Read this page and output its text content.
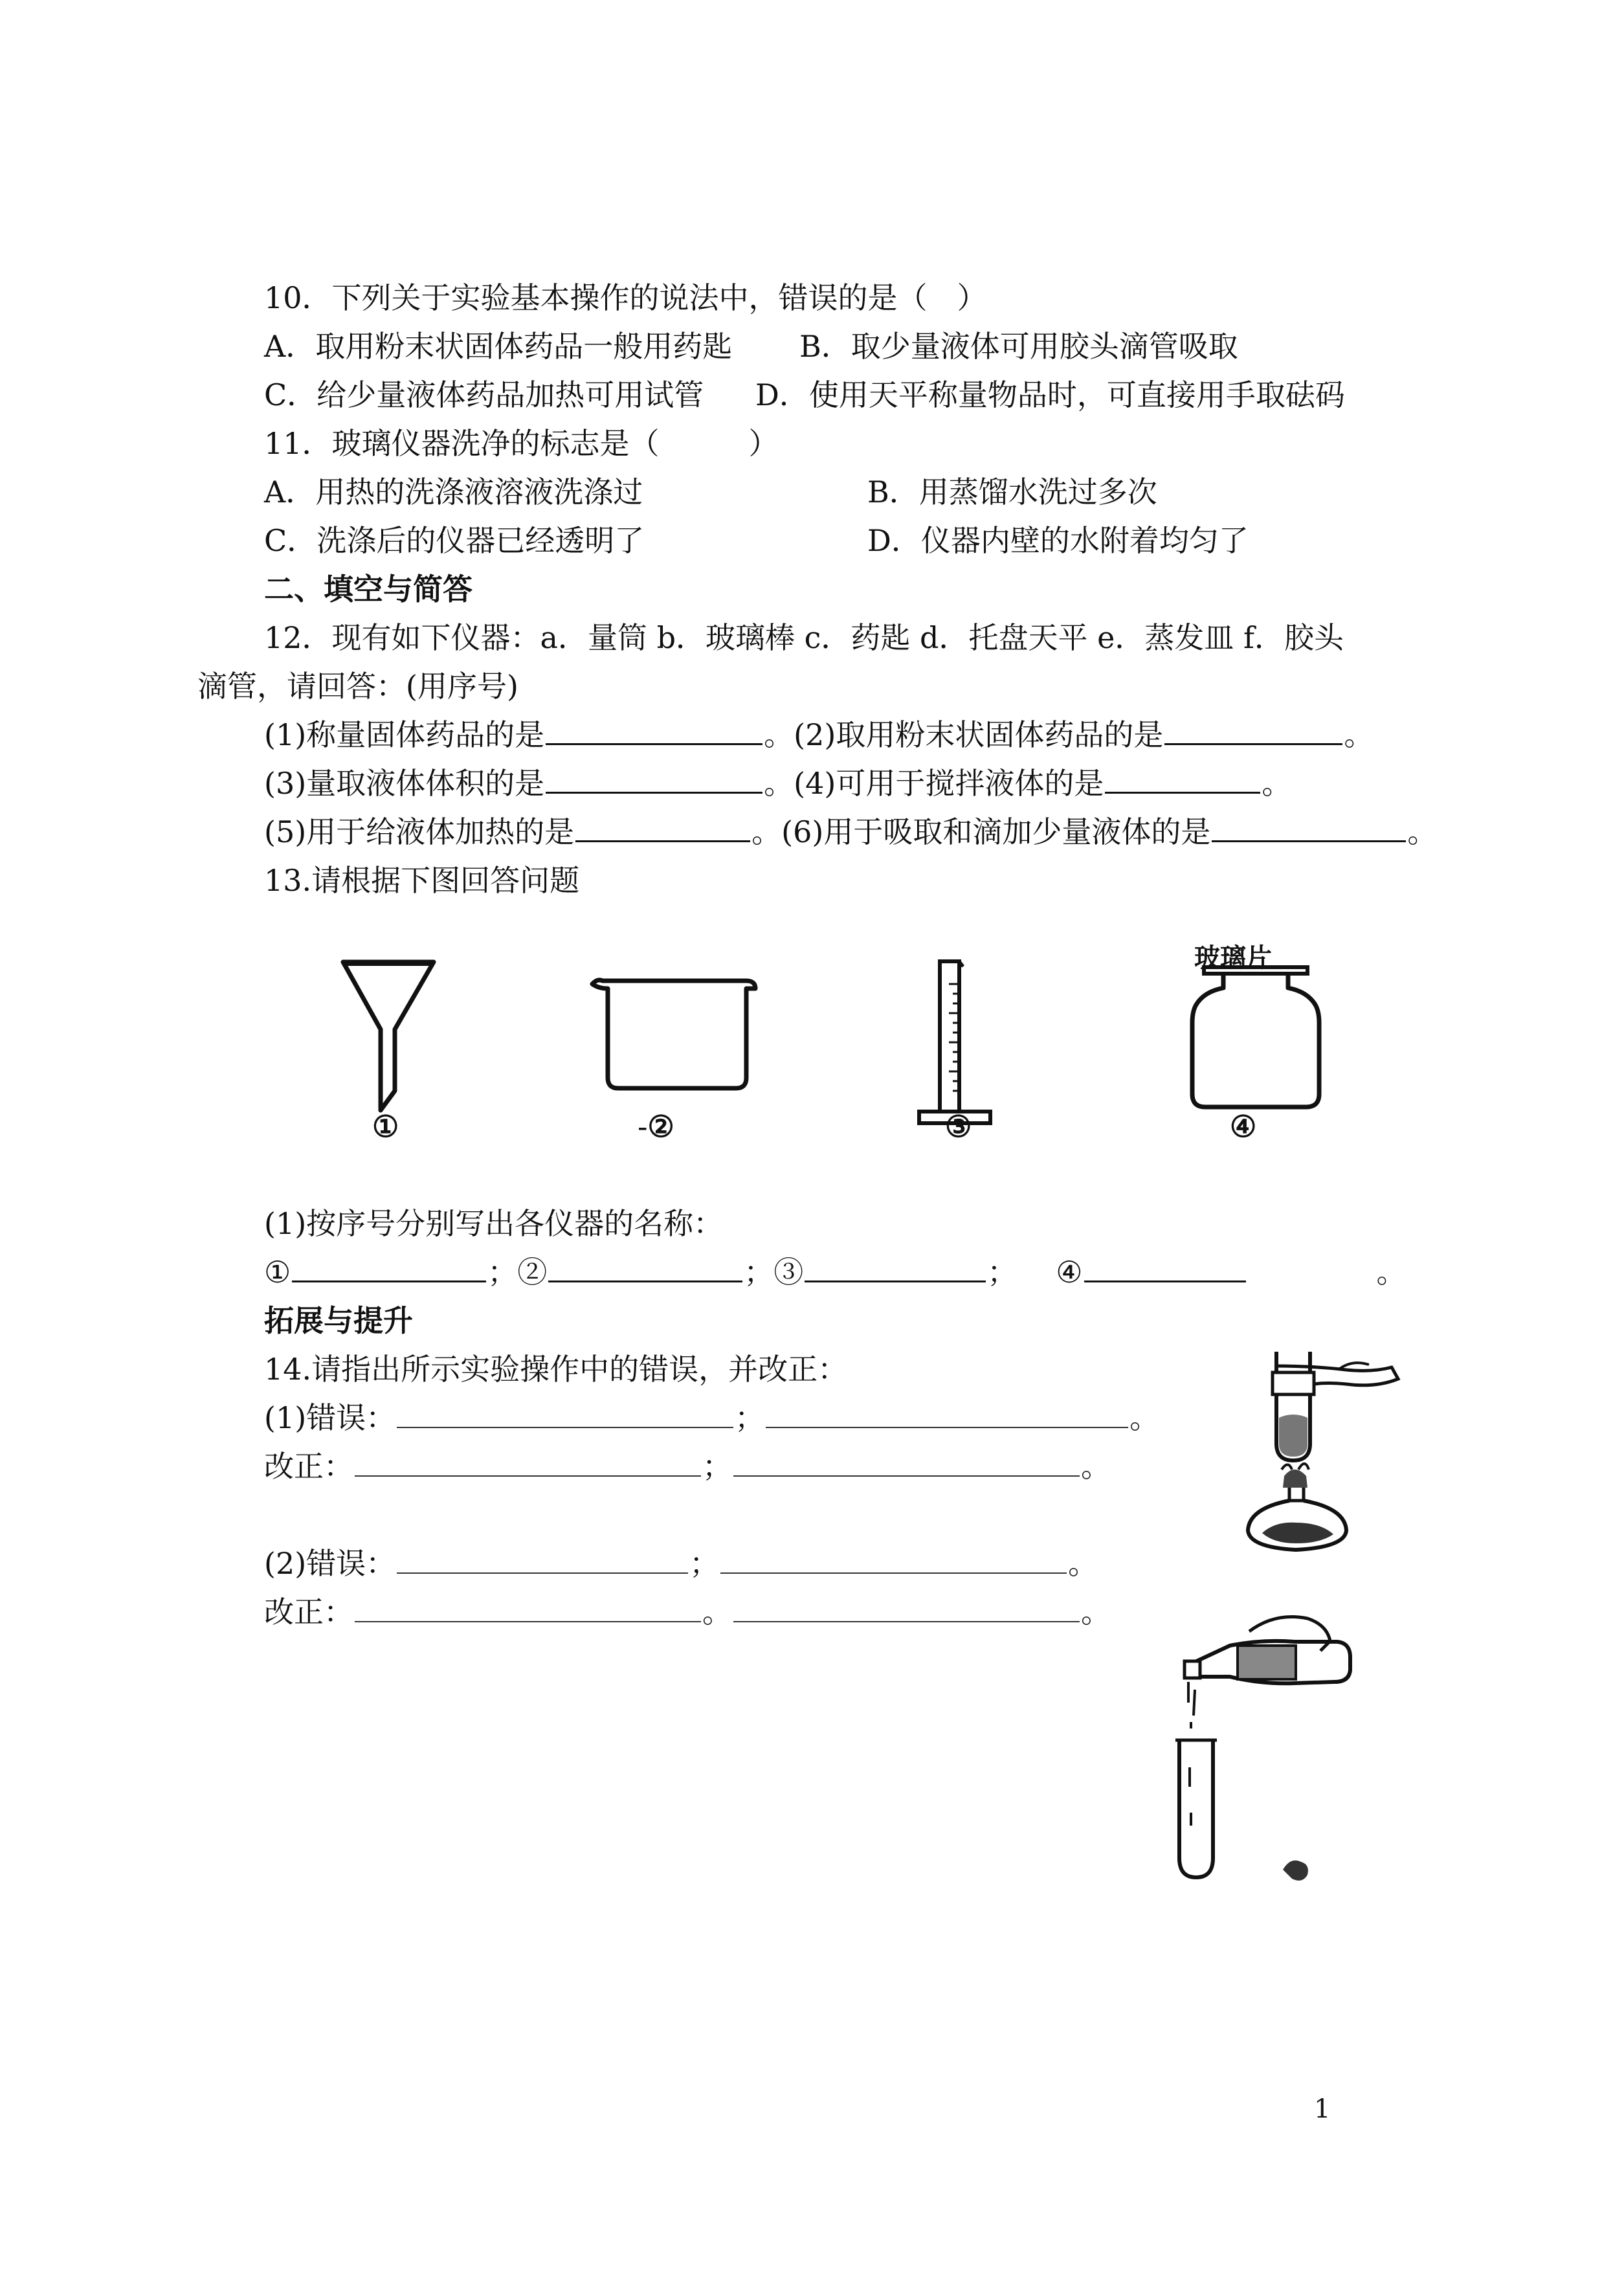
10．下列关于实验基本操作的说法中，错误的是（　）
A．取用粉末状固体药品一般用药匙 B．取少量液体可用胶头滴管吸取
C．给少量液体药品加热可用试管 D．使用天平称量物品时，可直接用手取砝码
11．玻璃仪器洗净的标志是（　　　）
A．用热的洗涤液溶液洗涤过	B．用蒸馏水洗过多次
C．洗涤后的仪器已经透明了	D．仪器内壁的水附着均匀了
二、填空与简答
12．现有如下仪器：a．量筒 b．玻璃棒 c．药匙 d．托盘天平 e．蒸发皿 f．胶头
滴管，请回答：(用序号)
(1)称量固体药品的是	。(2)取用粉末状固体药品的是	。
(3)量取液体体积的是	。(4)可用于搅拌液体的是	。
(5)用于给液体加热的是	。(6)用于吸取和滴加少量液体的是	。
13.请根据下图回答问题
①	-②	③
玻璃片
④
(1)按序号分别写出各仪器的名称：
①	；②	；③	； ④	。
拓展与提升
14.请指出所示实验操作中的错误，并改正：
(1)错误：	；	。
改正：	；	。
(2)错误：	；	。
改正：	。	。
1
